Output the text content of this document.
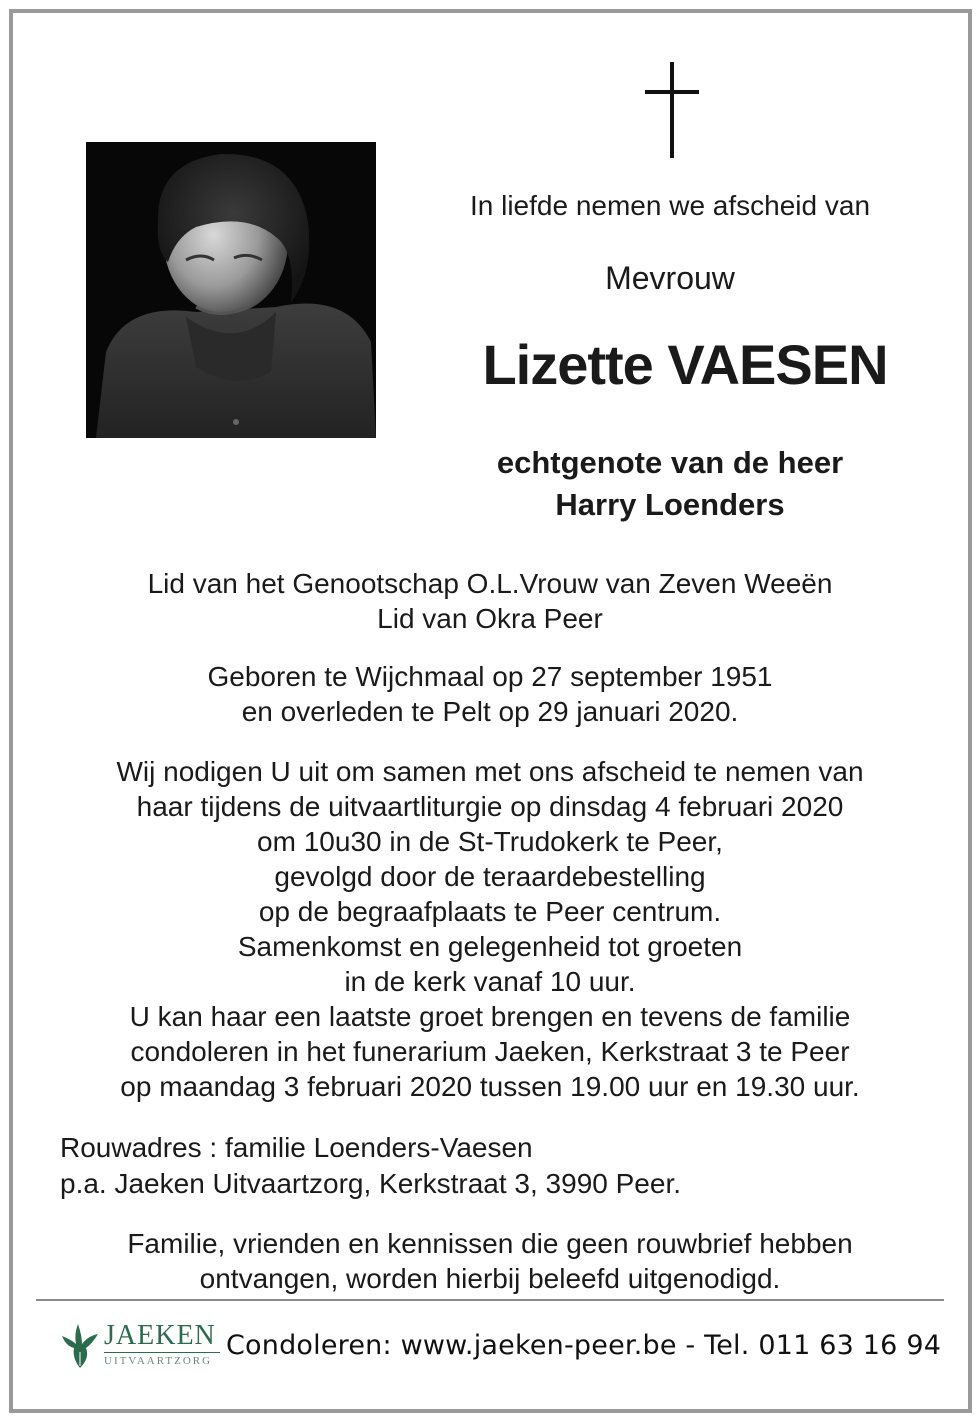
In liefde nemen we afscheid van
Mevrouw
Lizette VAESEN
echtgenote van de heer
Harry Loenders
Lid van het Genootschap O.L.Vrouw van Zeven Weeën
Lid van Okra Peer
Geboren te Wijchmaal op 27 september 1951
en overleden te Pelt op 29 januari 2020.
Wij nodigen U uit om samen met ons afscheid te nemen van
haar tijdens de uitvaartliturgie op dinsdag 4 februari 2020
om 10u30 in de St-Trudokerk te Peer,
gevolgd door de teraardebestelling
op de begraafplaats te Peer centrum.
Samenkomst en gelegenheid tot groeten
in de kerk vanaf 10 uur.
U kan haar een laatste groet brengen en tevens de familie
condoleren in het funerarium Jaeken, Kerkstraat 3 te Peer
op maandag 3 februari 2020 tussen 19.00 uur en 19.30 uur.
Rouwadres : familie Loenders-Vaesen
p.a. Jaeken Uitvaartzorg, Kerkstraat 3, 3990 Peer.
Familie, vrienden en kennissen die geen rouwbrief hebben
ontvangen, worden hierbij beleefd uitgenodigd.
JAEKEN
UITVAARTZORG Condoleren: www.jaeken-peer.be - Tel. 011 63 16 94
